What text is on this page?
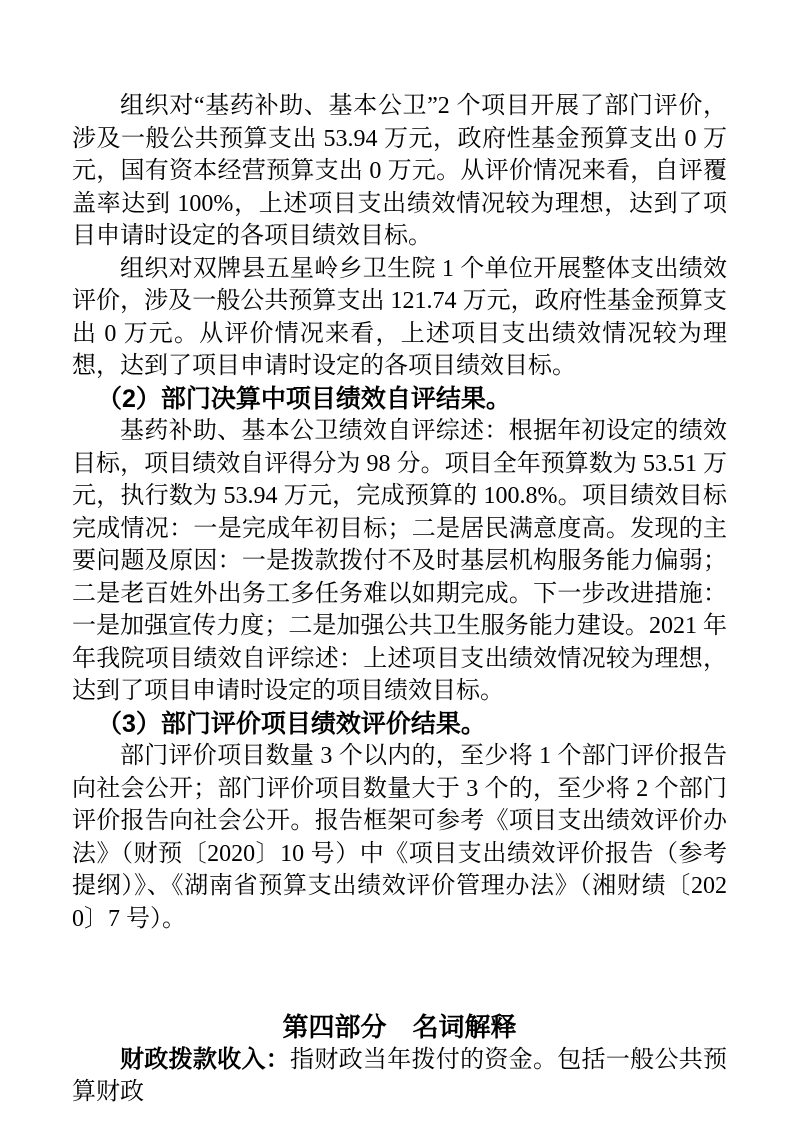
组织对“基药补助、基本公卫”2 个项目开展了部门评价，涉及一般公共预算支出 53.94 万元，政府性基金预算支出 0 万元，国有资本经营预算支出 0 万元。从评价情况来看，自评覆盖率达到 100%，上述项目支出绩效情况较为理想，达到了项目申请时设定的各项目绩效目标。

组织对双牌县五星岭乡卫生院 1 个单位开展整体支出绩效评价，涉及一般公共预算支出 121.74 万元，政府性基金预算支出 0 万元。从评价情况来看，上述项目支出绩效情况较为理想，达到了项目申请时设定的各项目绩效目标。

（2）部门决算中项目绩效自评结果。

基药补助、基本公卫绩效自评综述：根据年初设定的绩效目标，项目绩效自评得分为 98 分。项目全年预算数为 53.51 万元，执行数为 53.94 万元，完成预算的 100.8%。项目绩效目标完成情况：一是完成年初目标；二是居民满意度高。发现的主要问题及原因：一是拨款拨付不及时基层机构服务能力偏弱；二是老百姓外出务工多任务难以如期完成。下一步改进措施：一是加强宣传力度；二是加强公共卫生服务能力建设。2021 年年我院项目绩效自评综述：上述项目支出绩效情况较为理想，达到了项目申请时设定的项目绩效目标。

（3）部门评价项目绩效评价结果。

部门评价项目数量 3 个以内的，至少将 1 个部门评价报告向社会公开；部门评价项目数量大于 3 个的，至少将 2 个部门评价报告向社会公开。报告框架可参考《项目支出绩效评价办法》（财预〔2020〕10 号）中《项目支出绩效评价报告（参考提纲）》、《湖南省预算支出绩效评价管理办法》（湘财绩〔2020〕7 号）。

第四部分　名词解释

财政拨款收入：指财政当年拨付的资金。包括一般公共预算财政
